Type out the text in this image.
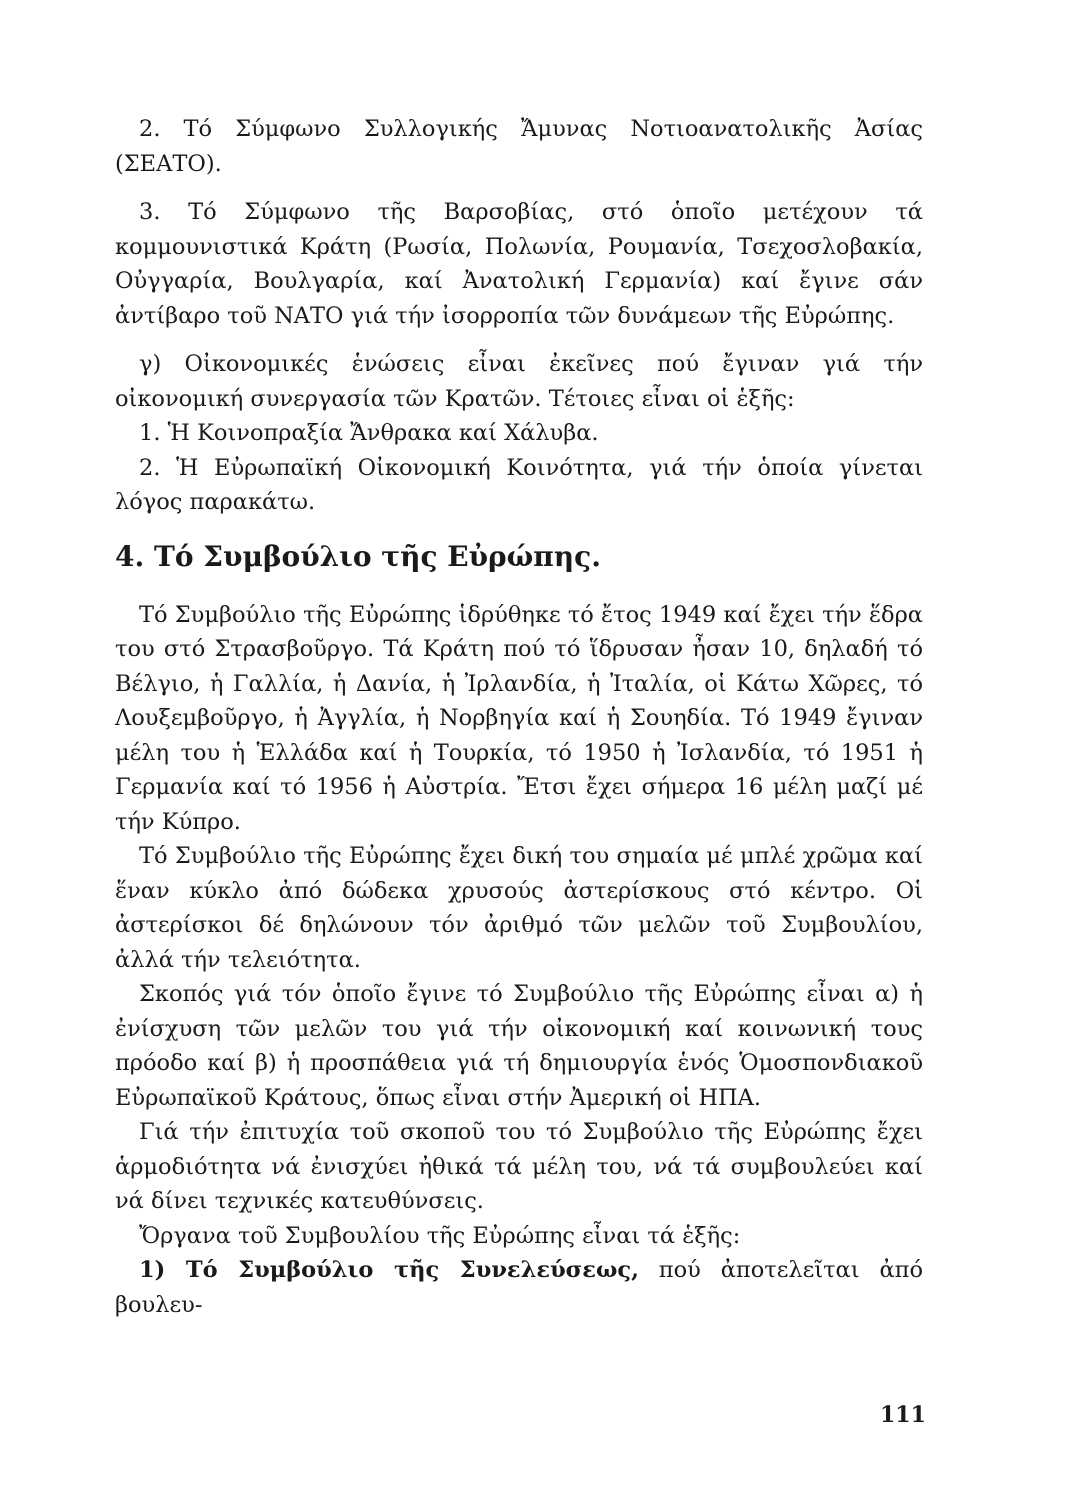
2. Τό Σύμφωνο Συλλογικής Ἄμυνας Νοτιοανατολικῆς Ἀσίας (ΣΕΑΤΟ).

3. Τό Σύμφωνο τῆς Βαρσοβίας, στό ὁποῖο μετέχουν τά κομμουνιστικά Κράτη (Ρωσία, Πολωνία, Ρουμανία, Τσεχοσλοβακία, Οὐγγαρία, Βουλγαρία, καί Ἀνατολική Γερμανία) καί ἔγινε σάν ἀντίβαρο τοῦ ΝΑΤΟ γιά τήν ἰσορροπία τῶν δυνάμεων τῆς Εὐρώπης.

γ) Οἰκονομικές ἑνώσεις εἶναι ἐκεῖνες πού ἔγιναν γιά τήν οἰκονομική συνεργασία τῶν Κρατῶν. Τέτοιες εἶναι οἱ ἑξῆς:

1. Ἡ Κοινοπραξία Ἄνθρακα καί Χάλυβα.

2. Ἡ Εὐρωπαϊκή Οἰκονομική Κοινότητα, γιά τήν ὁποία γίνεται λόγος παρακάτω.

4. Τό Συμβούλιο τῆς Εὐρώπης.

Τό Συμβούλιο τῆς Εὐρώπης ἱδρύθηκε τό ἔτος 1949 καί ἔχει τήν ἕδρα του στό Στρασβοῦργο. Τά Κράτη πού τό ἵδρυσαν ἦσαν 10, δηλαδή τό Βέλγιο, ἡ Γαλλία, ἡ Δανία, ἡ Ἰρλανδία, ἡ Ἰταλία, οἱ Κάτω Χῶρες, τό Λουξεμβοῦργο, ἡ Ἀγγλία, ἡ Νορβηγία καί ἡ Σουηδία. Τό 1949 ἔγιναν μέλη του ἡ Ἑλλάδα καί ἡ Τουρκία, τό 1950 ἡ Ἰσλανδία, τό 1951 ἡ Γερμανία καί τό 1956 ἡ Αὐστρία. Ἔτσι ἔχει σήμερα 16 μέλη μαζί μέ τήν Κύπρο.

Τό Συμβούλιο τῆς Εὐρώπης ἔχει δική του σημαία μέ μπλέ χρῶμα καί ἕναν κύκλο ἀπό δώδεκα χρυσούς ἀστερίσκους στό κέντρο. Οἱ ἀστερίσκοι δέ δηλώνουν τόν ἀριθμό τῶν μελῶν τοῦ Συμβουλίου, ἀλλά τήν τελειότητα.

Σκοπός γιά τόν ὁποῖο ἔγινε τό Συμβούλιο τῆς Εὐρώπης εἶναι α) ἡ ἐνίσχυση τῶν μελῶν του γιά τήν οἰκονομική καί κοινωνική τους πρόοδο καί β) ἡ προσπάθεια γιά τή δημιουργία ἑνός Ὁμοσπονδιακοῦ Εὐρωπαϊκοῦ Κράτους, ὅπως εἶναι στήν Ἀμερική οἱ ΗΠΑ.

Γιά τήν ἐπιτυχία τοῦ σκοποῦ του τό Συμβούλιο τῆς Εὐρώπης ἔχει ἁρμοδιότητα νά ἐνισχύει ἠθικά τά μέλη του, νά τά συμβουλεύει καί νά δίνει τεχνικές κατευθύνσεις.

Ὄργανα τοῦ Συμβουλίου τῆς Εὐρώπης εἶναι τά ἑξῆς:

1) Τό Συμβούλιο τῆς Συνελεύσεως, πού ἀποτελεῖται ἀπό βουλευ-

111
